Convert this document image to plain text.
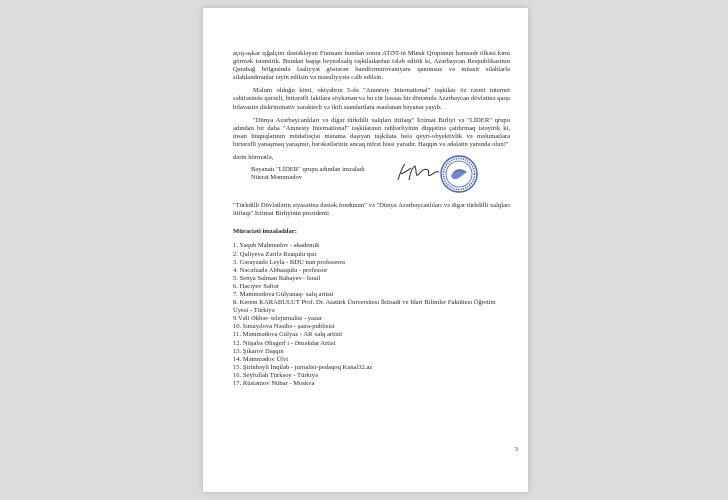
açıq-aşkar işğalçını dəstəkləyən Fransanı bundan sonra ATƏT-in Minsk Qrupunun həmsədr ölkəsi kimi görmək istəmirik. Bundan başqa beynəlxalq təşkilatlardan tələb edirik ki, Azərbaycan Respublikasının Qarabağ bölgəsində fəaliyyət göstərən bandformirovaniyanı qanunsuz və müasir silahlarla silahlandıranlar təyin edilsin və məsuliyyətə cəlb edilsin.

Məlum olduğu kimi, oktyabrın 5-də "Amnesty International" təşkilatı öz rəsmi internet səhifəsində qərəzli, birtərəfli faktlara söykənən və bu cür həssas bir dönəmdə Azərbaycan dövlətinə qarşı bilavasitə diskriminativ xarakterli və ikili standartlara əsaslanan bəyanat yayıb.

"Dünya Azərbaycanlıları və digər türkdilli xalqları ittifaqı" İctimai Birliyi və "LİDER" qrupu adından bir daha "Amnesty International" təşkilatının rəhbərliyinin diqqətinə çatdırmaq istəyirik ki, insan hüquqlarının müdafiəçisi mərama daşıyan təşkilata belə qeyri-obyektivlik və məlumatlara birtərəfli yanaşmaq yaraşmır, hərəkətləriniz ancaq nifrət hissi yaradır. Haqqın və ədalətin yanında olun!"

dərin hörmətlə,
Bəyanatı "LİDER" qrupu adından imzaladı
Nüsrət Məmmədov
"Türkdilli Dövlətlərin siyasətinə dəstək fondunun" və "Dünya Azərbaycanlıları və digər türkdilli xalqları ittifaqı" İctimai Birliyinin prezidenti
Müraciəti imzaladılar:
1. Yaqub Mahmudov - akademik
2. Quliyeva Zərifə Rzaqulu qızı
3. Gərayzadə Leyla - BDU nun professoru
4. Nəcəfzadə Abbasqulu - professor
5. Senya Salman Rabayev– İsrail
6. Hacıyev Səftər
7. Məmmədova Gülyanaq- xalq artisti
8. Kerem KARABULUT Prof. Dr. Atatürk Üniversitesi İktisadi ve İdari Bilimler Fakültesi Öğretim Üyesi - Türkiyə
9.Vəli Əkbər- telejurnalist - yazar
10. İsmayılova Nəsibə - şaıra-publisist
11. Məmmədova Gülyaz - AR xalq artisti
12. Nüşabə Əlisgerl i - Əməkdar Artist
13. Şikarov Daşqın
14. Məmmədov Ülvi
15. Şirinbəyli İnqilab - jurnalist-pedaqoq Kanal32.az
16. Seyfullah Türksoy - Türkiyə
17. Rüstəmov Nübar - Moskva
3
